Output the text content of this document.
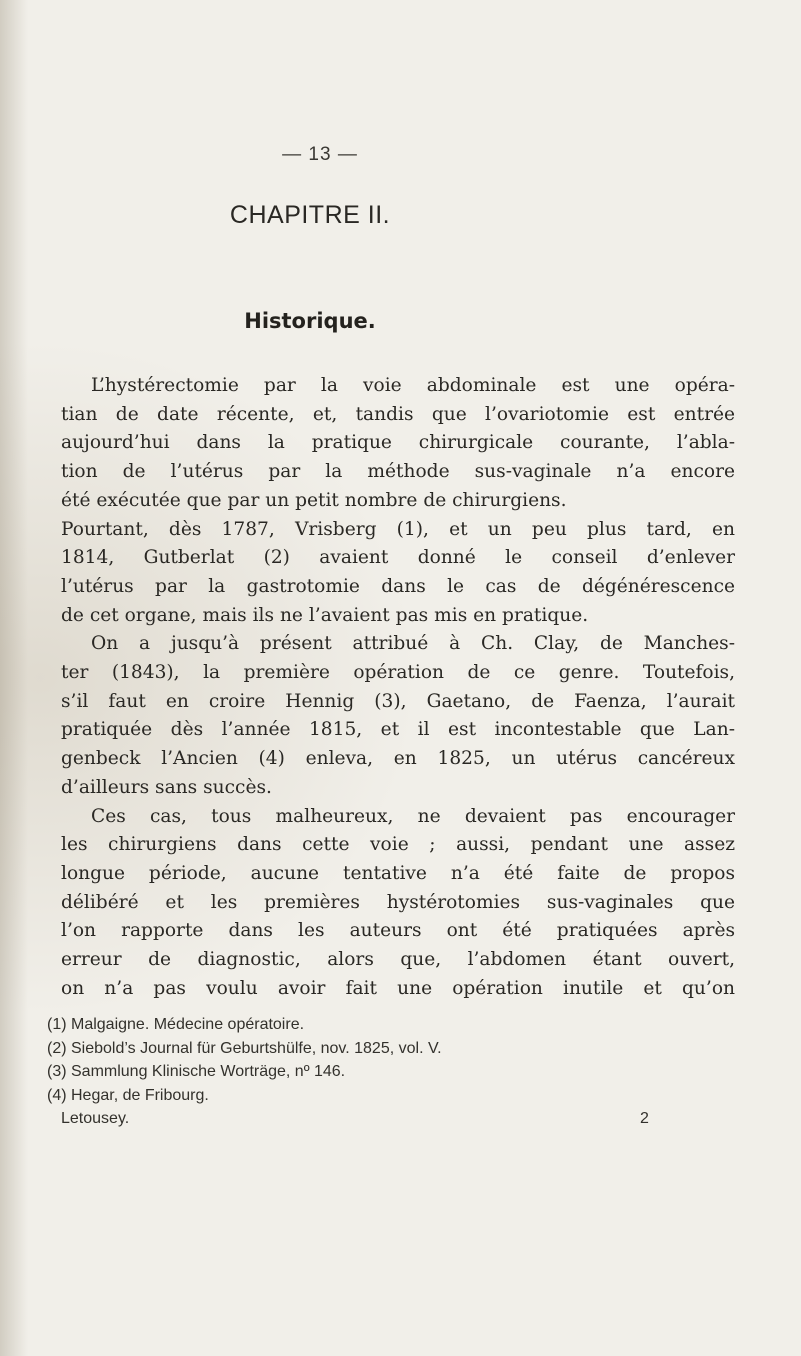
— 13 —
CHAPITRE II.
Historique.
L’hystérectomie par la voie abdominale est une opéra-
tian de date récente, et, tandis que l’ovariotomie est entrée
aujourd’hui dans la pratique chirurgicale courante, l’abla-
tion de l’utérus par la méthode sus-vaginale n’a encore
été exécutée que par un petit nombre de chirurgiens.
Pourtant, dès 1787, Vrisberg (1), et un peu plus tard, en
1814, Gutberlat (2) avaient donné le conseil d’enlever
l’utérus par la gastrotomie dans le cas de dégénérescence
de cet organe, mais ils ne l’avaient pas mis en pratique.
On a jusqu’à présent attribué à Ch. Clay, de Manches-
ter (1843), la première opération de ce genre. Toutefois,
s’il faut en croire Hennig (3), Gaetano, de Faenza, l’aurait
pratiquée dès l’année 1815, et il est incontestable que Lan-
genbeck l’Ancien (4) enleva, en 1825, un utérus cancéreux
d’ailleurs sans succès.
Ces cas, tous malheureux, ne devaient pas encourager
les chirurgiens dans cette voie ; aussi, pendant une assez
longue période, aucune tentative n’a été faite de propos
délibéré et les premières hystérotomies sus-vaginales que
l’on rapporte dans les auteurs ont été pratiquées après
erreur de diagnostic, alors que, l’abdomen étant ouvert,
on n’a pas voulu avoir fait une opération inutile et qu’on
(1) Malgaigne. Médecine opératoire.
(2) Siebold’s Journal für Geburtshülfe, nov. 1825, vol. V.
(3) Sammlung Klinische Worträge, nº 146.
(4) Hegar, de Fribourg.
Letousey.	2
